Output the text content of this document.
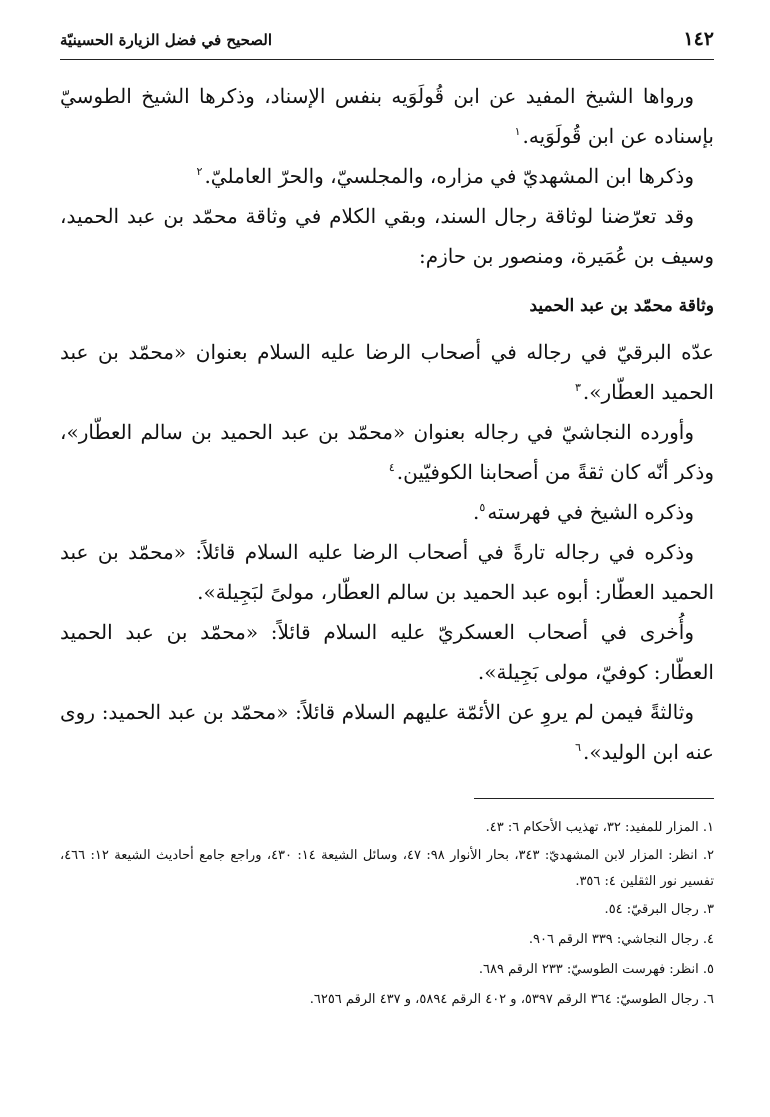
١٤٢
الصحيح في فضل الزيارة الحسينيّة

ورواها الشيخ المفيد عن ابن قُولَوَيه بنفس الإسناد، وذكرها الشيخ الطوسيّ بإسناده عن ابن قُولَوَيه.$^١$

وذكرها ابن المشهديّ في مزاره، والمجلسيّ، والحرّ العامليّ.$^٢$

وقد تعرّضنا لوثاقة رجال السند، وبقي الكلام في وثاقة محمّد بن عبد الحميد، وسيف بن عُمَيرة، ومنصور بن حازم:

وثاقة محمّد بن عبد الحميد

عدّه البرقيّ في رجاله في أصحاب الرضا عليه السلام بعنوان «محمّد بن عبد الحميد العطّار».$^٣$

وأورده النجاشيّ في رجاله بعنوان «محمّد بن عبد الحميد بن سالم العطّار»، وذكر أنّه كان ثقةً من أصحابنا الكوفيّين.$^٤$

وذكره الشيخ في فهرسته$^٥$.

وذكره في رجاله تارةً في أصحاب الرضا عليه السلام قائلاً: «محمّد بن عبد الحميد العطّار: أبوه عبد الحميد بن سالم العطّار، مولىً لبَجِيلة».

وأُخرى في أصحاب العسكريّ عليه السلام قائلاً: «محمّد بن عبد الحميد العطّار: كوفيّ، مولى بَجِيلة».

وثالثةً فيمن لم يروِ عن الأئمّة عليهم السلام قائلاً: «محمّد بن عبد الحميد: روى عنه ابن الوليد».$^٦$

١. المزار للمفيد: ٣٢، تهذيب الأحكام ٦: ٤٣.

٢. انظر: المزار لابن المشهديّ: ٣٤٣، بحار الأنوار ٩٨: ٤٧، وسائل الشيعة ١٤: ٤٣٠، وراجع جامع أحاديث الشيعة ١٢: ٤٦٦، تفسير نور الثقلين ٤: ٣٥٦.

٣. رجال البرقيّ: ٥٤.

٤. رجال النجاشي: ٣٣٩ الرقم ٩٠٦.

٥. انظر: فهرست الطوسيّ: ٢٣٣ الرقم ٦٨٩.

٦. رجال الطوسيّ: ٣٦٤ الرقم ٥٣٩٧، و ٤٠٢ الرقم ٥٨٩٤، و ٤٣٧ الرقم ٦٢٥٦.
